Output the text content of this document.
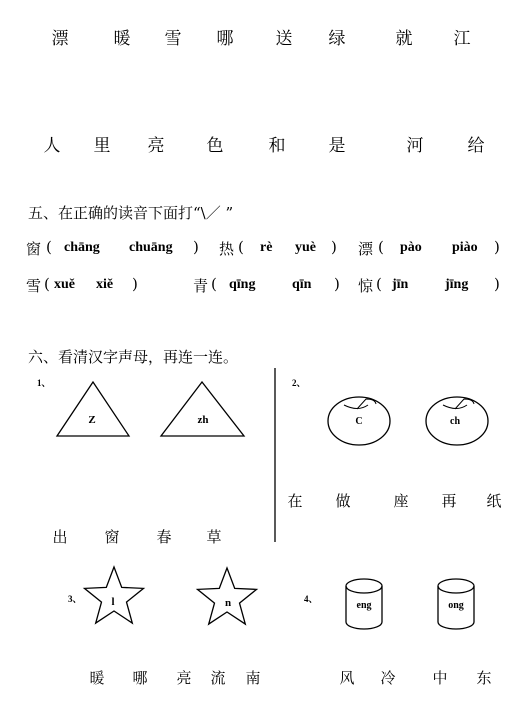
漂	暖 雪 哪 送 绿	就 江
人 里 亮 色	和	是	河	给
五、在正确的读音下面打“\／ ”
窗 ( chāng chuāng ) 热 ( rè yuè ) 漂 ( pào piào )
雪 ( xuě xiě )	青 ( qīng	qīn ) 惊 ( jīn	jīng )
六、看清汉字声母，再连一连。
1、
Z	zh
出 窗 春 草
2、
C	ch
在 做	座 再 纸
3、	l	n
暖 哪 亮 流 南
4、
eng	ong
风 冷 中 东
